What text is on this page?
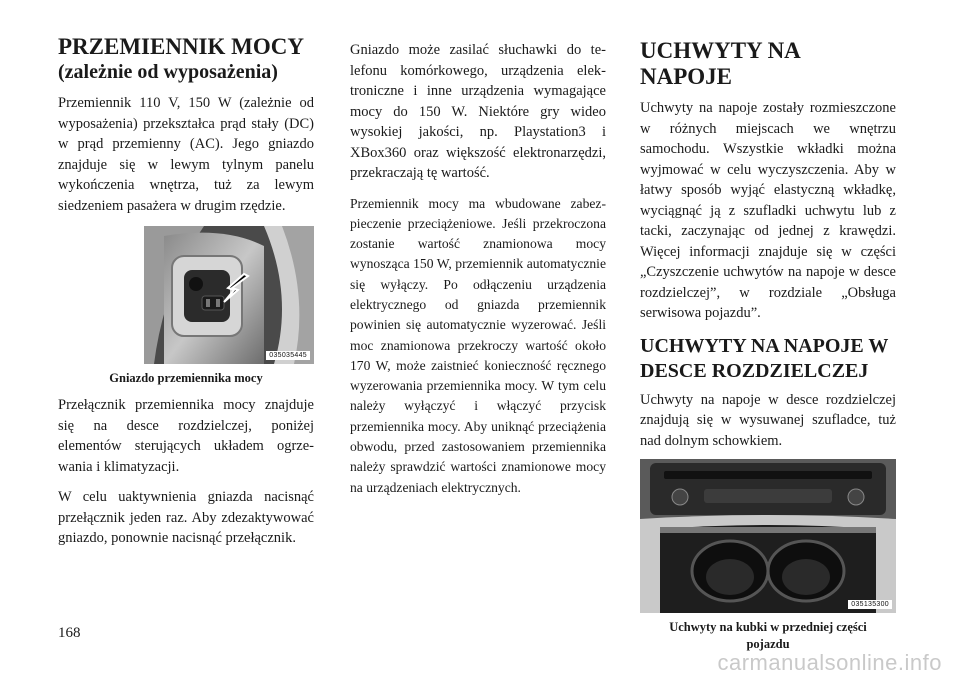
PRZEMIENNIK MOCY
(zależnie od wyposażenia)

Przemiennik 110 V, 150 W (zależnie od wyposażenia) przekształca prąd stały (DC) w prąd przemienny (AC). Jego gniazdo znajduje się w lewym tylnym panelu wykończenia wnętrza, tuż za lewym siedzeniem pasażera w drugim rzędzie.

035035445
Gniazdo przemiennika mocy

Przełącznik przemiennika mocy znajduje się na desce rozdzielczej, poniżej elementów sterujących układem ogrzewania i klimatyzacji.

W celu uaktywnienia gniazda nacisnąć przełącznik jeden raz. Aby zdezaktywować gniazdo, ponownie nacisnąć przełącznik.

Gniazdo może zasilać słuchawki do telefonu komórkowego, urządzenia elektroniczne i inne urządzenia wymagające mocy do 150 W. Niektóre gry wideo wysokiej jakości, np. Playstation3 i XBox360 oraz większość elektronarzędzi, przekraczają tę wartość.

Przemiennik mocy ma wbudowane zabezpieczenie przeciążeniowe. Jeśli przekroczona zostanie wartość znamionowa mocy wynosząca 150 W, przemiennik automatycznie się wyłączy. Po odłączeniu urządzenia elektrycznego od gniazda przemiennik powinien się automatycznie wyzerować. Jeśli moc znamionowa przekroczy wartość około 170 W, może zaistnieć konieczność ręcznego wyzerowania przemiennika mocy. W tym celu należy wyłączyć i włączyć przycisk przemiennika mocy. Aby uniknąć przeciążenia obwodu, przed zastosowaniem przemiennika należy sprawdzić wartości znamionowe mocy na urządzeniach elektrycznych.

UCHWYTY NA NAPOJE

Uchwyty na napoje zostały rozmieszczone w różnych miejscach we wnętrzu samochodu. Wszystkie wkładki można wyjmować w celu wyczyszczenia. Aby w łatwy sposób wyjąć elastyczną wkładkę, wyciągnąć ją z szufladki uchwytu lub z tacki, zaczynając od jednej z krawędzi. Więcej informacji znajduje się w części „Czyszczenie uchwytów na napoje w desce rozdzielczej”, w rozdziale „Obsługa serwisowa pojazdu”.

UCHWYTY NA NAPOJE W
DESCE ROZDZIELCZEJ

Uchwyty na napoje w desce rozdzielczej znajdują się w wysuwanej szufladce, tuż nad dolnym schowkiem.

035135300
Uchwyty na kubki w przedniej części pojazdu
168
carmanualsonline.info
